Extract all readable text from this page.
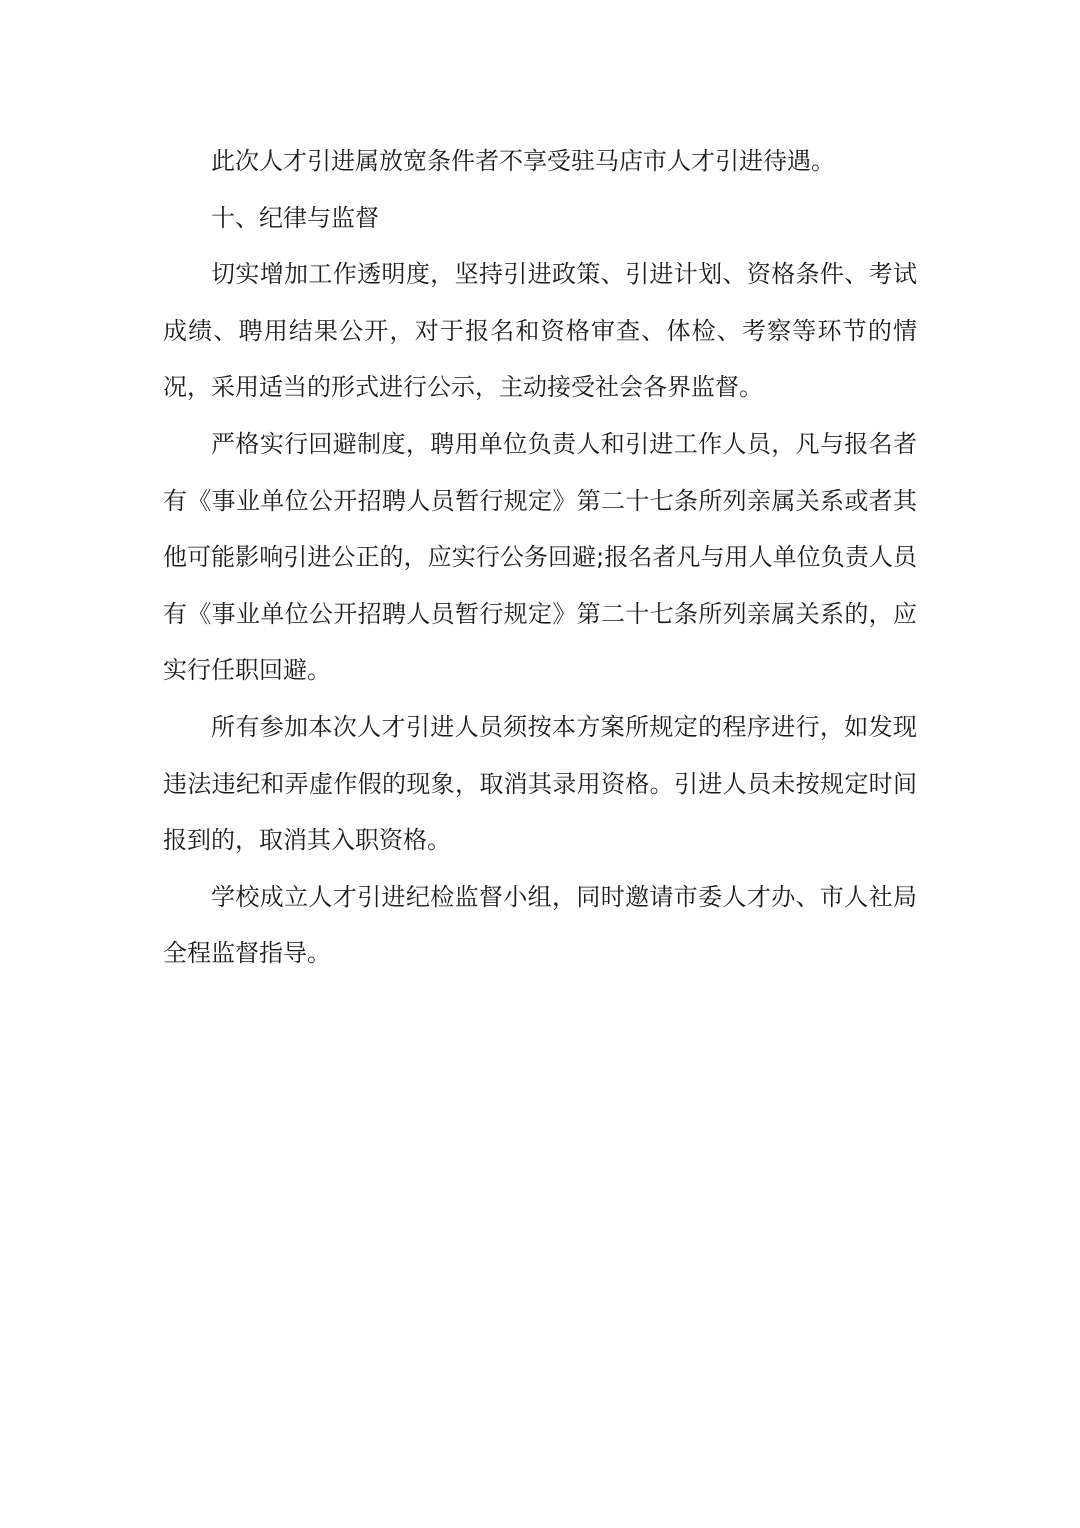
此次人才引进属放宽条件者不享受驻马店市人才引进待遇。

十、纪律与监督

切实增加工作透明度，坚持引进政策、引进计划、资格条件、考试成绩、聘用结果公开，对于报名和资格审查、体检、考察等环节的情况，采用适当的形式进行公示，主动接受社会各界监督。

严格实行回避制度，聘用单位负责人和引进工作人员，凡与报名者有《事业单位公开招聘人员暂行规定》第二十七条所列亲属关系或者其他可能影响引进公正的，应实行公务回避;报名者凡与用人单位负责人员有《事业单位公开招聘人员暂行规定》第二十七条所列亲属关系的，应实行任职回避。

所有参加本次人才引进人员须按本方案所规定的程序进行，如发现违法违纪和弄虚作假的现象，取消其录用资格。引进人员未按规定时间报到的，取消其入职资格。

学校成立人才引进纪检监督小组，同时邀请市委人才办、市人社局全程监督指导。
